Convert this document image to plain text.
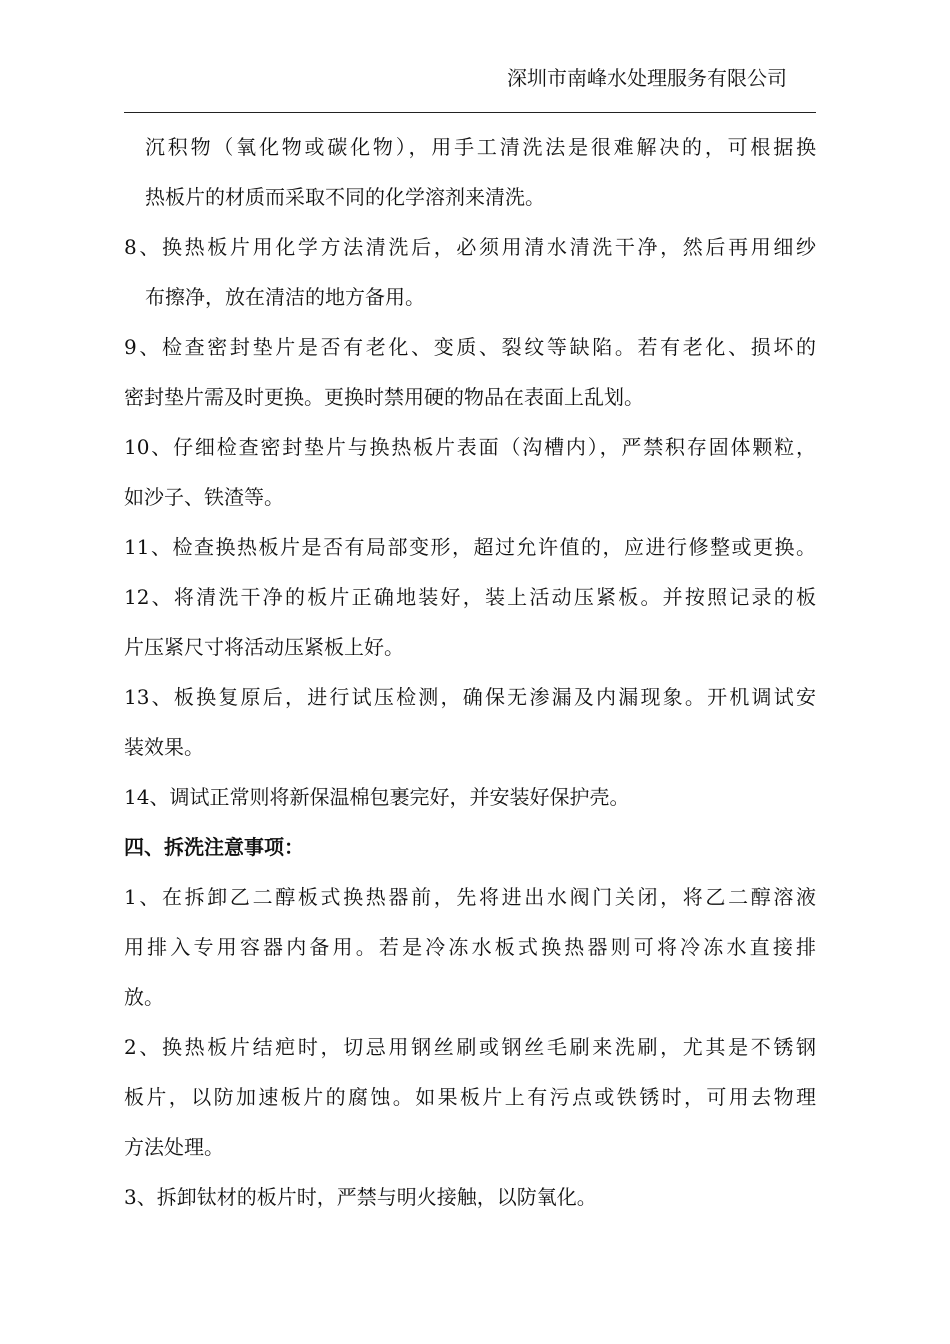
深圳市南峰水处理服务有限公司
沉积物（氧化物或碳化物），用手工清洗法是很难解决的，可根据换
热板片的材质而采取不同的化学溶剂来清洗。
8、换热板片用化学方法清洗后，必须用清水清洗干净，然后再用细纱
布擦净，放在清洁的地方备用。
9、检查密封垫片是否有老化、变质、裂纹等缺陷。若有老化、损坏的
密封垫片需及时更换。更换时禁用硬的物品在表面上乱划。
10、仔细检查密封垫片与换热板片表面（沟槽内），严禁积存固体颗粒，
如沙子、铁渣等。
11、检查换热板片是否有局部变形，超过允许值的，应进行修整或更换。
12、将清洗干净的板片正确地装好，装上活动压紧板。并按照记录的板
片压紧尺寸将活动压紧板上好。
13、板换复原后，进行试压检测，确保无渗漏及内漏现象。开机调试安
装效果。
14、调试正常则将新保温棉包裹完好，并安装好保护壳。
四、拆洗注意事项：
1、在拆卸乙二醇板式换热器前，先将进出水阀门关闭，将乙二醇溶液
用排入专用容器内备用。若是冷冻水板式换热器则可将冷冻水直接排
放。
2、换热板片结疤时，切忌用钢丝刷或钢丝毛刷来洗刷，尤其是不锈钢
板片，以防加速板片的腐蚀。如果板片上有污点或铁锈时，可用去物理
方法处理。
3、拆卸钛材的板片时，严禁与明火接触，以防氧化。
